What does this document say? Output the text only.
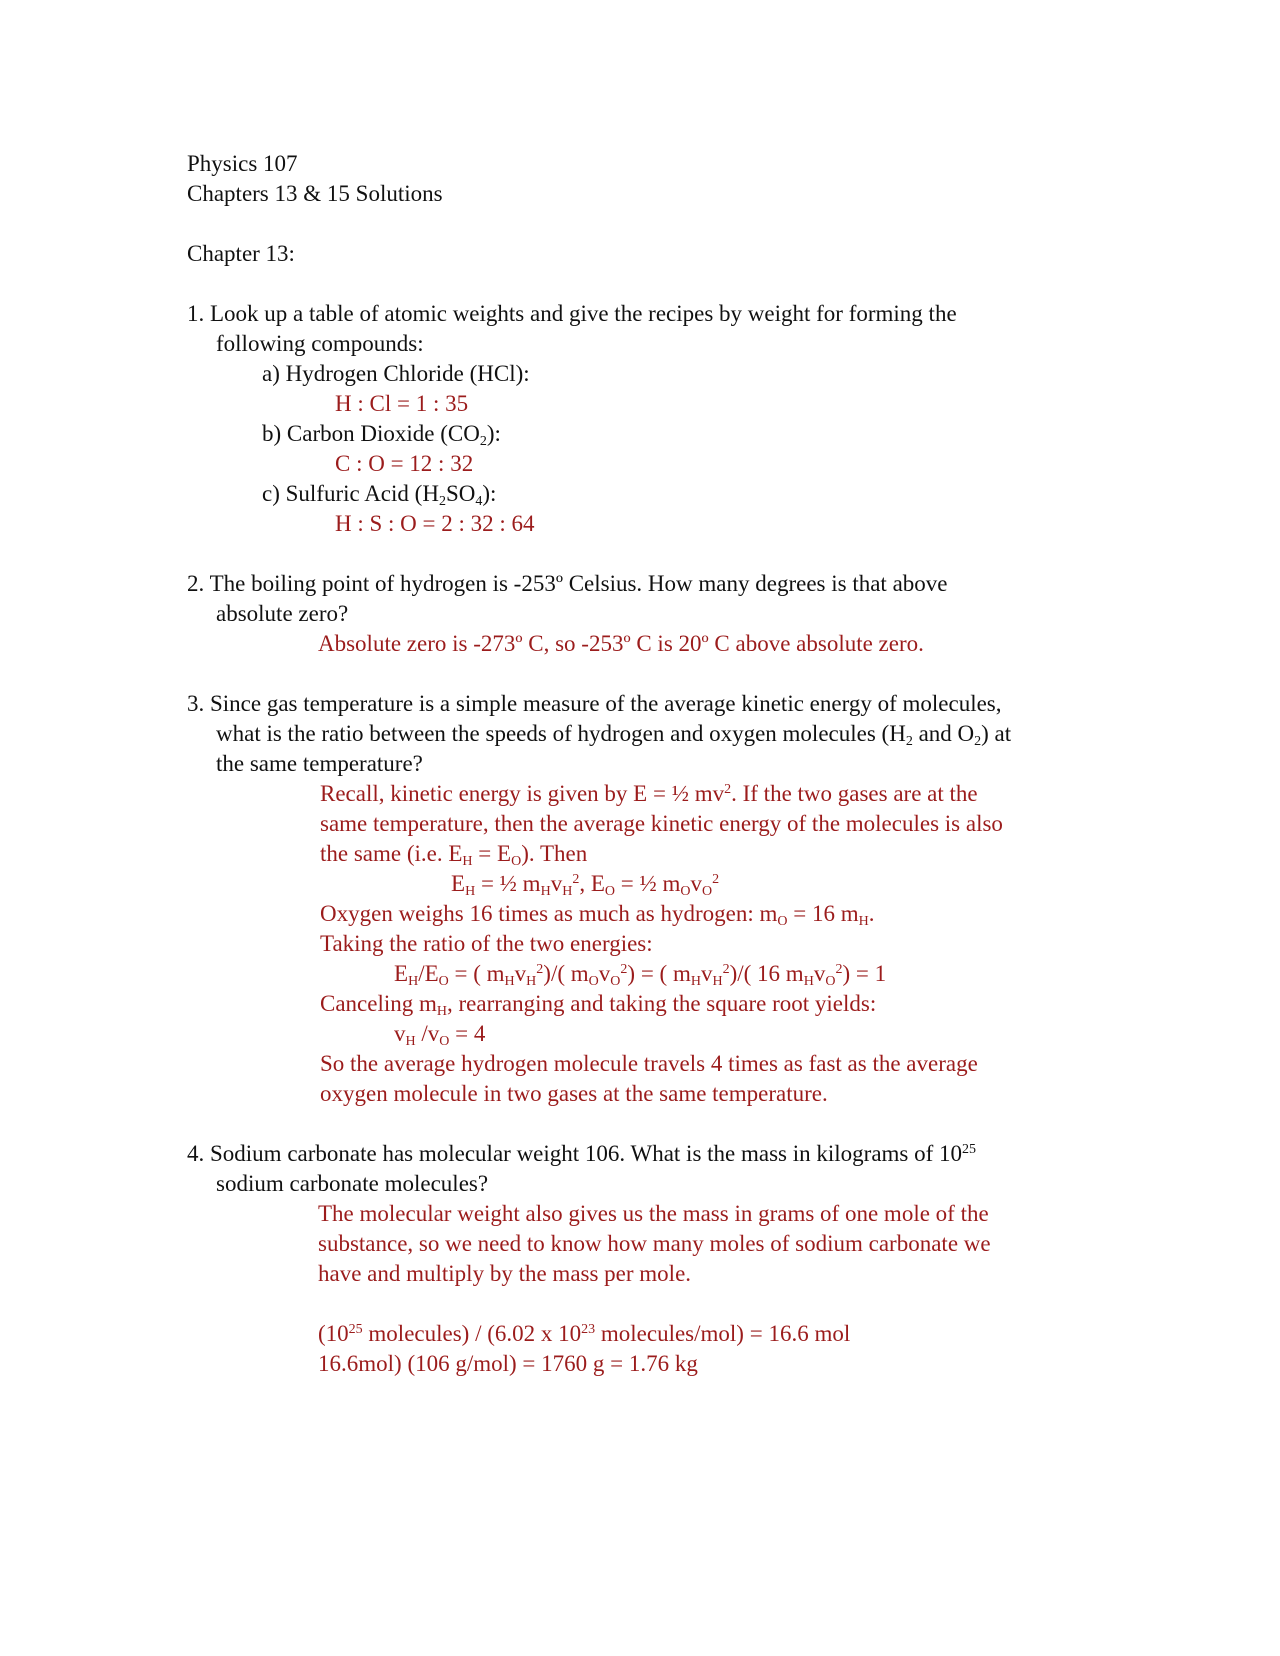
Physics 107
Chapters 13 & 15 Solutions
Chapter 13:
1. Look up a table of atomic weights and give the recipes by weight for forming the
following compounds:
a) Hydrogen Chloride (HCl):
H : Cl = 1 : 35
b) Carbon Dioxide $(CO_2)$:
C : O = 12 : 32
c) Sulfuric Acid $(H_2SO_4)$:
H : S : O = 2 : 32 : 64
2. The boiling point of hydrogen is -253º Celsius. How many degrees is that above
absolute zero?
Absolute zero is -273º C, so -253º C is 20º C above absolute zero.
3. Since gas temperature is a simple measure of the average kinetic energy of molecules,
what is the ratio between the speeds of hydrogen and oxygen molecules ($H_2$ and $O_2$) at
the same temperature?
Recall, kinetic energy is given by E = ½ $mv^2$. If the two gases are at the
same temperature, then the average kinetic energy of the molecules is also
the same (i.e. $E_H = E_O$). Then
$E_H$ = ½ $m_Hv_H^2$, $E_O$ = ½ $m_Ov_O^2$
Oxygen weighs 16 times as much as hydrogen: $m_O = 16$ $m_H$.
Taking the ratio of the two energies:
$E_H/E_O$ = ( $m_Hv_H^2)/$( $m_Ov_O^2$) = ( $m_Hv_H^2)/$( 16 $m_Hv_O^2) = 1$
Canceling $m_H$, rearranging and taking the square root yields:
$v_H$ $/v_O = 4$
So the average hydrogen molecule travels 4 times as fast as the average
oxygen molecule in two gases at the same temperature.
4. Sodium carbonate has molecular weight 106. What is the mass in kilograms of $10^{25}$
sodium carbonate molecules?
The molecular weight also gives us the mass in grams of one mole of the
substance, so we need to know how many moles of sodium carbonate we
have and multiply by the mass per mole.
($10^{25}$ molecules) / (6.02 x $10^{23}$ molecules/mol) = 16.6 mol
16.6mol) (106 g/mol) = 1760 g = 1.76 kg
